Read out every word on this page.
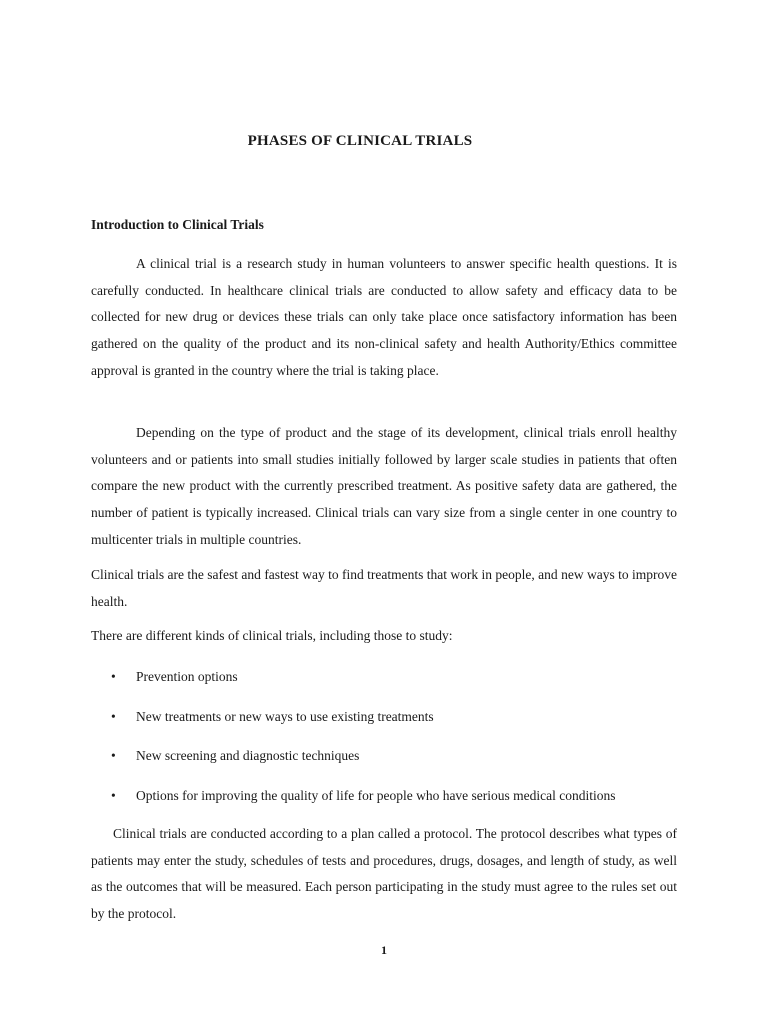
PHASES OF CLINICAL TRIALS
Introduction to Clinical Trials

A clinical trial is a research study in human volunteers to answer specific health questions. It is carefully conducted. In healthcare clinical trials are conducted to allow safety and efficacy data to be collected for new drug or devices these trials can only take place once satisfactory information has been gathered on the quality of the product and its non-clinical safety and health Authority/Ethics committee approval is granted in the country where the trial is taking place.

Depending on the type of product and the stage of its development, clinical trials enroll healthy volunteers and or patients into small studies initially followed by larger scale studies in patients that often compare the new product with the currently prescribed treatment. As positive safety data are gathered, the number of patient is typically increased. Clinical trials can vary size from a single center in one country to multicenter trials in multiple countries.

Clinical trials are the safest and fastest way to find treatments that work in people, and new ways to improve health.

There are different kinds of clinical trials, including those to study:

• Prevention options
• New treatments or new ways to use existing treatments
• New screening and diagnostic techniques
• Options for improving the quality of life for people who have serious medical conditions

Clinical trials are conducted according to a plan called a protocol. The protocol describes what types of patients may enter the study, schedules of tests and procedures, drugs, dosages, and length of study, as well as the outcomes that will be measured. Each person participating in the study must agree to the rules set out by the protocol.

1
